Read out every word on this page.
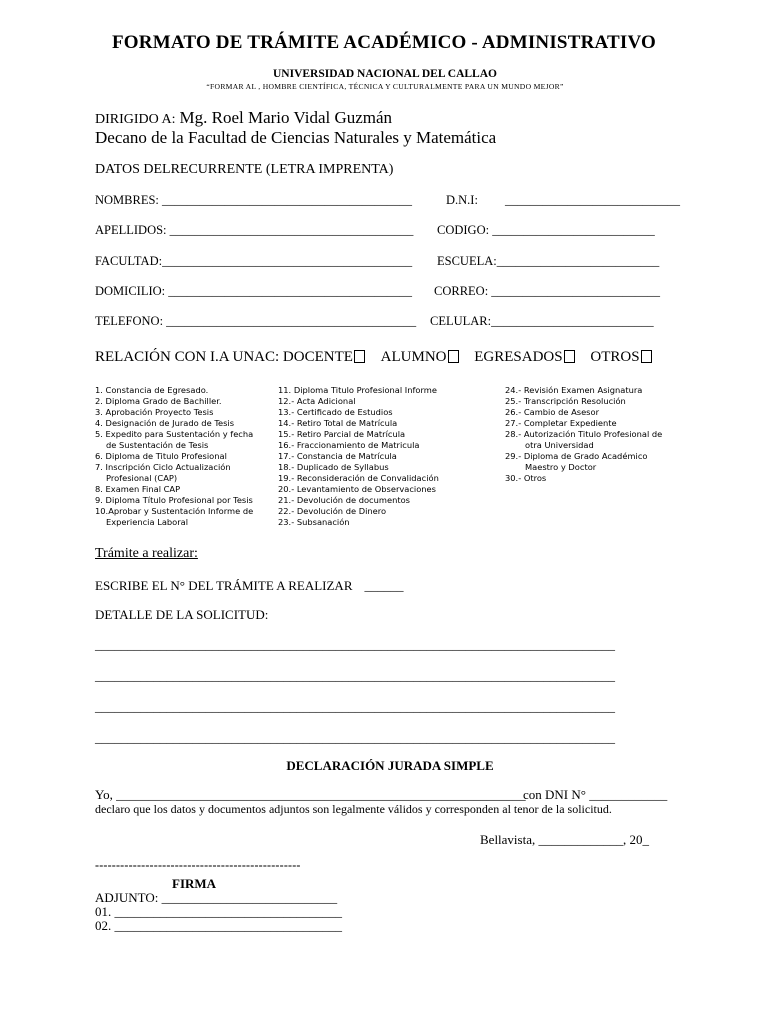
FORMATO DE TRÁMITE ACADÉMICO - ADMINISTRATIVO
UNIVERSIDAD NACIONAL DEL CALLAO
“FORMAR AL , HOMBRE CIENTÍFICA, TÉCNICA Y CULTURALMENTE PARA UN MUNDO MEJOR”
DIRIGIDO A: Mg. Roel Mario Vidal Guzmán
Decano de la Facultad de Ciencias Naturales y Matemática
DATOS DELRECURRENTE (LETRA IMPRENTA)
NOMBRES: ________________________________________	D.N.I: ____________________________
APELLIDOS: _______________________________________ CODIGO: __________________________
FACULTAD:________________________________________ ESCUELA:__________________________
DOMICILIO: _______________________________________ CORREO: ___________________________
TELEFONO: ________________________________________ CELULAR:__________________________
RELACIÓN CON I.A UNAC: DOCENTE ALUMNO EGRESADOS OTROS
1. Constancia de Egresado.
2. Diploma Grado de Bachiller.
3. Aprobación Proyecto Tesis
4. Designación de Jurado de Tesis
5. Expedito para Sustentación y fecha
de Sustentación de Tesis
6. Diploma de Titulo Profesional
7. Inscripción Ciclo Actualización
Profesional (CAP)
8. Examen Final CAP
9. Diploma Título Profesional por Tesis
10.Aprobar y Sustentación Informe de
Experiencia Laboral
11. Diploma Titulo Profesional Informe
12.- Acta Adicional
13.- Certificado de Estudios
14.- Retiro Total de Matrícula
15.- Retiro Parcial de Matrícula
16.- Fraccionamiento de Matricula
17.- Constancia de Matrícula
18.- Duplicado de Syllabus
19.- Reconsideración de Convalidación
20.- Levantamiento de Observaciones
21.- Devolución de documentos
22.- Devolución de Dinero
23.- Subsanación
24.- Revisión Examen Asignatura
25.- Transcripción Resolución
26.- Cambio de Asesor
27.- Completar Expediente
28.- Autorización Titulo Profesional de
otra Universidad
29.- Diploma de Grado Académico
Maestro y Doctor
30.- Otros
Trámite a realizar:
ESCRIBE EL N° DEL TRÁMITE A REALIZAR ______
DETALLE DE LA SOLICITUD:
________________________________________________________________________________
________________________________________________________________________________
________________________________________________________________________________
________________________________________________________________________________
DECLARACIÓN JURADA SIMPLE
Yo, _______________________________________________________________
con DNI N° ____________
declaro que los datos y documentos adjuntos son legalmente válidos y corresponden al tenor de la solicitud.
Bellavista, _____________, 20_
-------------------------------------------------
FIRMA
ADJUNTO: ___________________________
01. ___________________________________
02. ___________________________________
